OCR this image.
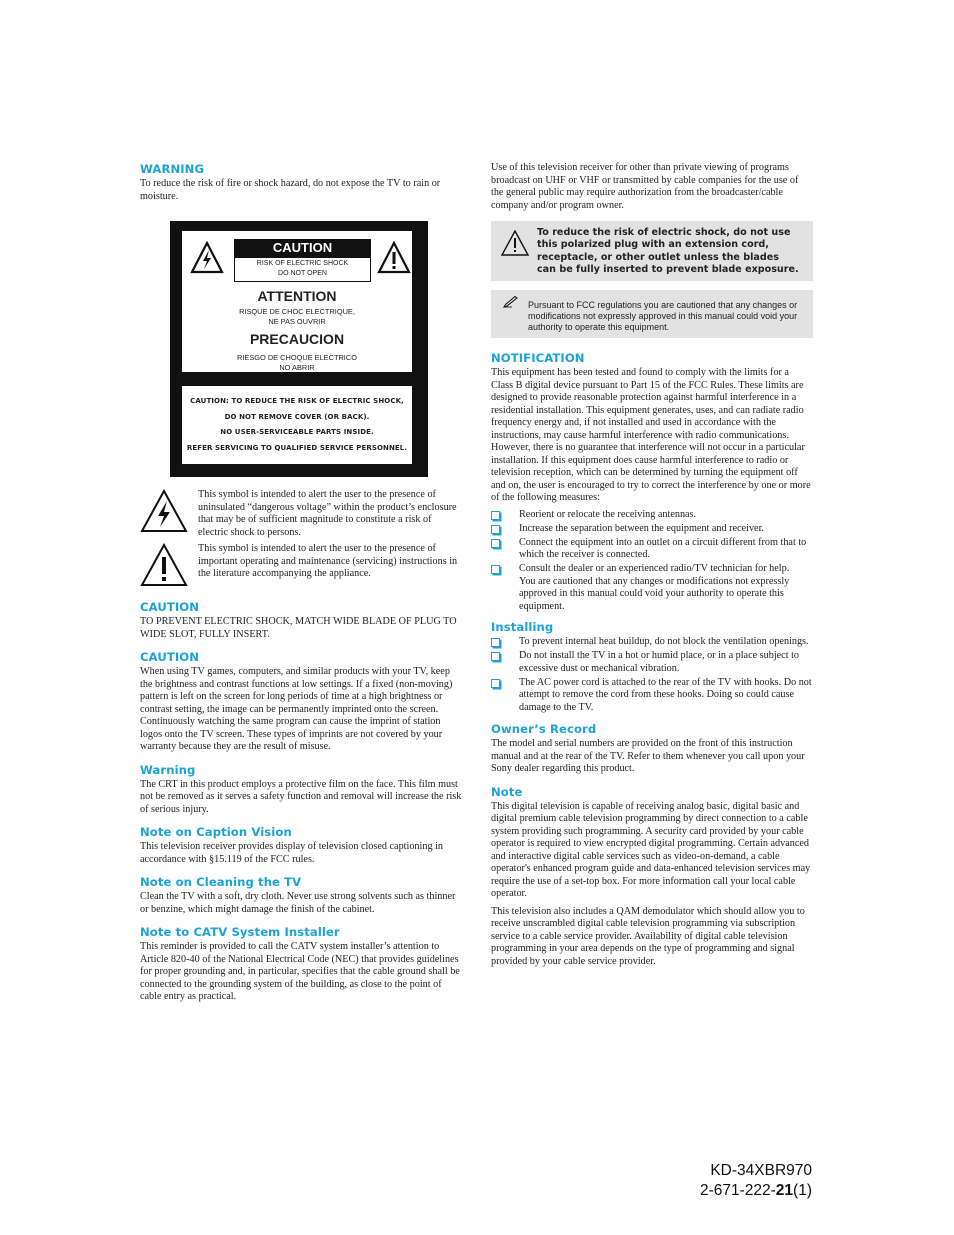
WARNING

To reduce the risk of fire or shock hazard, do not expose the TV to rain or moisture.

CAUTION
RISK OF ELECTRIC SHOCK
DO NOT OPEN
ATTENTION
RISQUE DE CHOC ELECTRIQUE,
NE PAS OUVRIR
PRECAUCION
RIESGO DE CHOQUE ELECTRICO
NO ABRIR
CAUTION: TO REDUCE THE RISK OF ELECTRIC SHOCK,
DO NOT REMOVE COVER (OR BACK).
NO USER-SERVICEABLE PARTS INSIDE.
REFER SERVICING TO QUALIFIED SERVICE PERSONNEL.

This symbol is intended to alert the user to the presence of uninsulated “dangerous voltage” within the product’s enclosure that may be of sufficient magnitude to constitute a risk of electric shock to persons.

This symbol is intended to alert the user to the presence of important operating and maintenance (servicing) instructions in the literature accompanying the appliance.

CAUTION

TO PREVENT ELECTRIC SHOCK, MATCH WIDE BLADE OF PLUG TO WIDE SLOT, FULLY INSERT.

CAUTION

When using TV games, computers, and similar products with your TV, keep the brightness and contrast functions at low settings. If a fixed (non-moving) pattern is left on the screen for long periods of time at a high brightness or contrast setting, the image can be permanently imprinted onto the screen. Continuously watching the same program can cause the imprint of station logos onto the TV screen. These types of imprints are not covered by your warranty because they are the result of misuse.

Warning

The CRT in this product employs a protective film on the face. This film must not be removed as it serves a safety function and removal will increase the risk of serious injury.

Note on Caption Vision

This television receiver provides display of television closed captioning in accordance with §15.119 of the FCC rules.

Note on Cleaning the TV

Clean the TV with a soft, dry cloth. Never use strong solvents such as thinner or benzine, which might damage the finish of the cabinet.

Note to CATV System Installer

This reminder is provided to call the CATV system installer’s attention to Article 820-40 of the National Electrical Code (NEC) that provides guidelines for proper grounding and, in particular, specifies that the cable ground shall be connected to the grounding system of the building, as close to the point of cable entry as practical.

Use of this television receiver for other than private viewing of programs broadcast on UHF or VHF or transmitted by cable companies for the use of the general public may require authorization from the broadcaster/cable company and/or program owner.

To reduce the risk of electric shock, do not use this polarized plug with an extension cord, receptacle, or other outlet unless the blades can be fully inserted to prevent blade exposure.

Pursuant to FCC regulations you are cautioned that any changes or modifications not expressly approved in this manual could void your authority to operate this equipment.

NOTIFICATION

This equipment has been tested and found to comply with the limits for a Class B digital device pursuant to Part 15 of the FCC Rules. These limits are designed to provide reasonable protection against harmful interference in a residential installation. This equipment generates, uses, and can radiate radio frequency energy and, if not installed and used in accordance with the instructions, may cause harmful interference with radio communications. However, there is no guarantee that interference will not occur in a particular installation. If this equipment does cause harmful interference to radio or television reception, which can be determined by turning the equipment off and on, the user is encouraged to try to correct the interference by one or more of the following measures:

Reorient or relocate the receiving antennas.
Increase the separation between the equipment and receiver.
Connect the equipment into an outlet on a circuit different from that to which the receiver is connected.
Consult the dealer or an experienced radio/TV technician for help.
You are cautioned that any changes or modifications not expressly approved in this manual could void your authority to operate this equipment.
Installing
To prevent internal heat buildup, do not block the ventilation openings.
Do not install the TV in a hot or humid place, or in a place subject to excessive dust or mechanical vibration.
The AC power cord is attached to the rear of the TV with hooks. Do not attempt to remove the cord from these hooks. Doing so could cause damage to the TV.
Owner’s Record

The model and serial numbers are provided on the front of this instruction manual and at the rear of the TV. Refer to them whenever you call upon your Sony dealer regarding this product.

Note

This digital television is capable of receiving analog basic, digital basic and digital premium cable television programming by direct connection to a cable system providing such programming. A security card provided by your cable operator is required to view encrypted digital programming. Certain advanced and interactive digital cable services such as video-on-demand, a cable operator's enhanced program guide and data-enhanced television services may require the use of a set-top box. For more information call your local cable operator.

This television also includes a QAM demodulator which should allow you to receive unscrambled digital cable television programming via subscription service to a cable service provider. Availability of digital cable television programming in your area depends on the type of programming and signal provided by your cable service provider.

KD-34XBR970
2-671-222-21(1)
